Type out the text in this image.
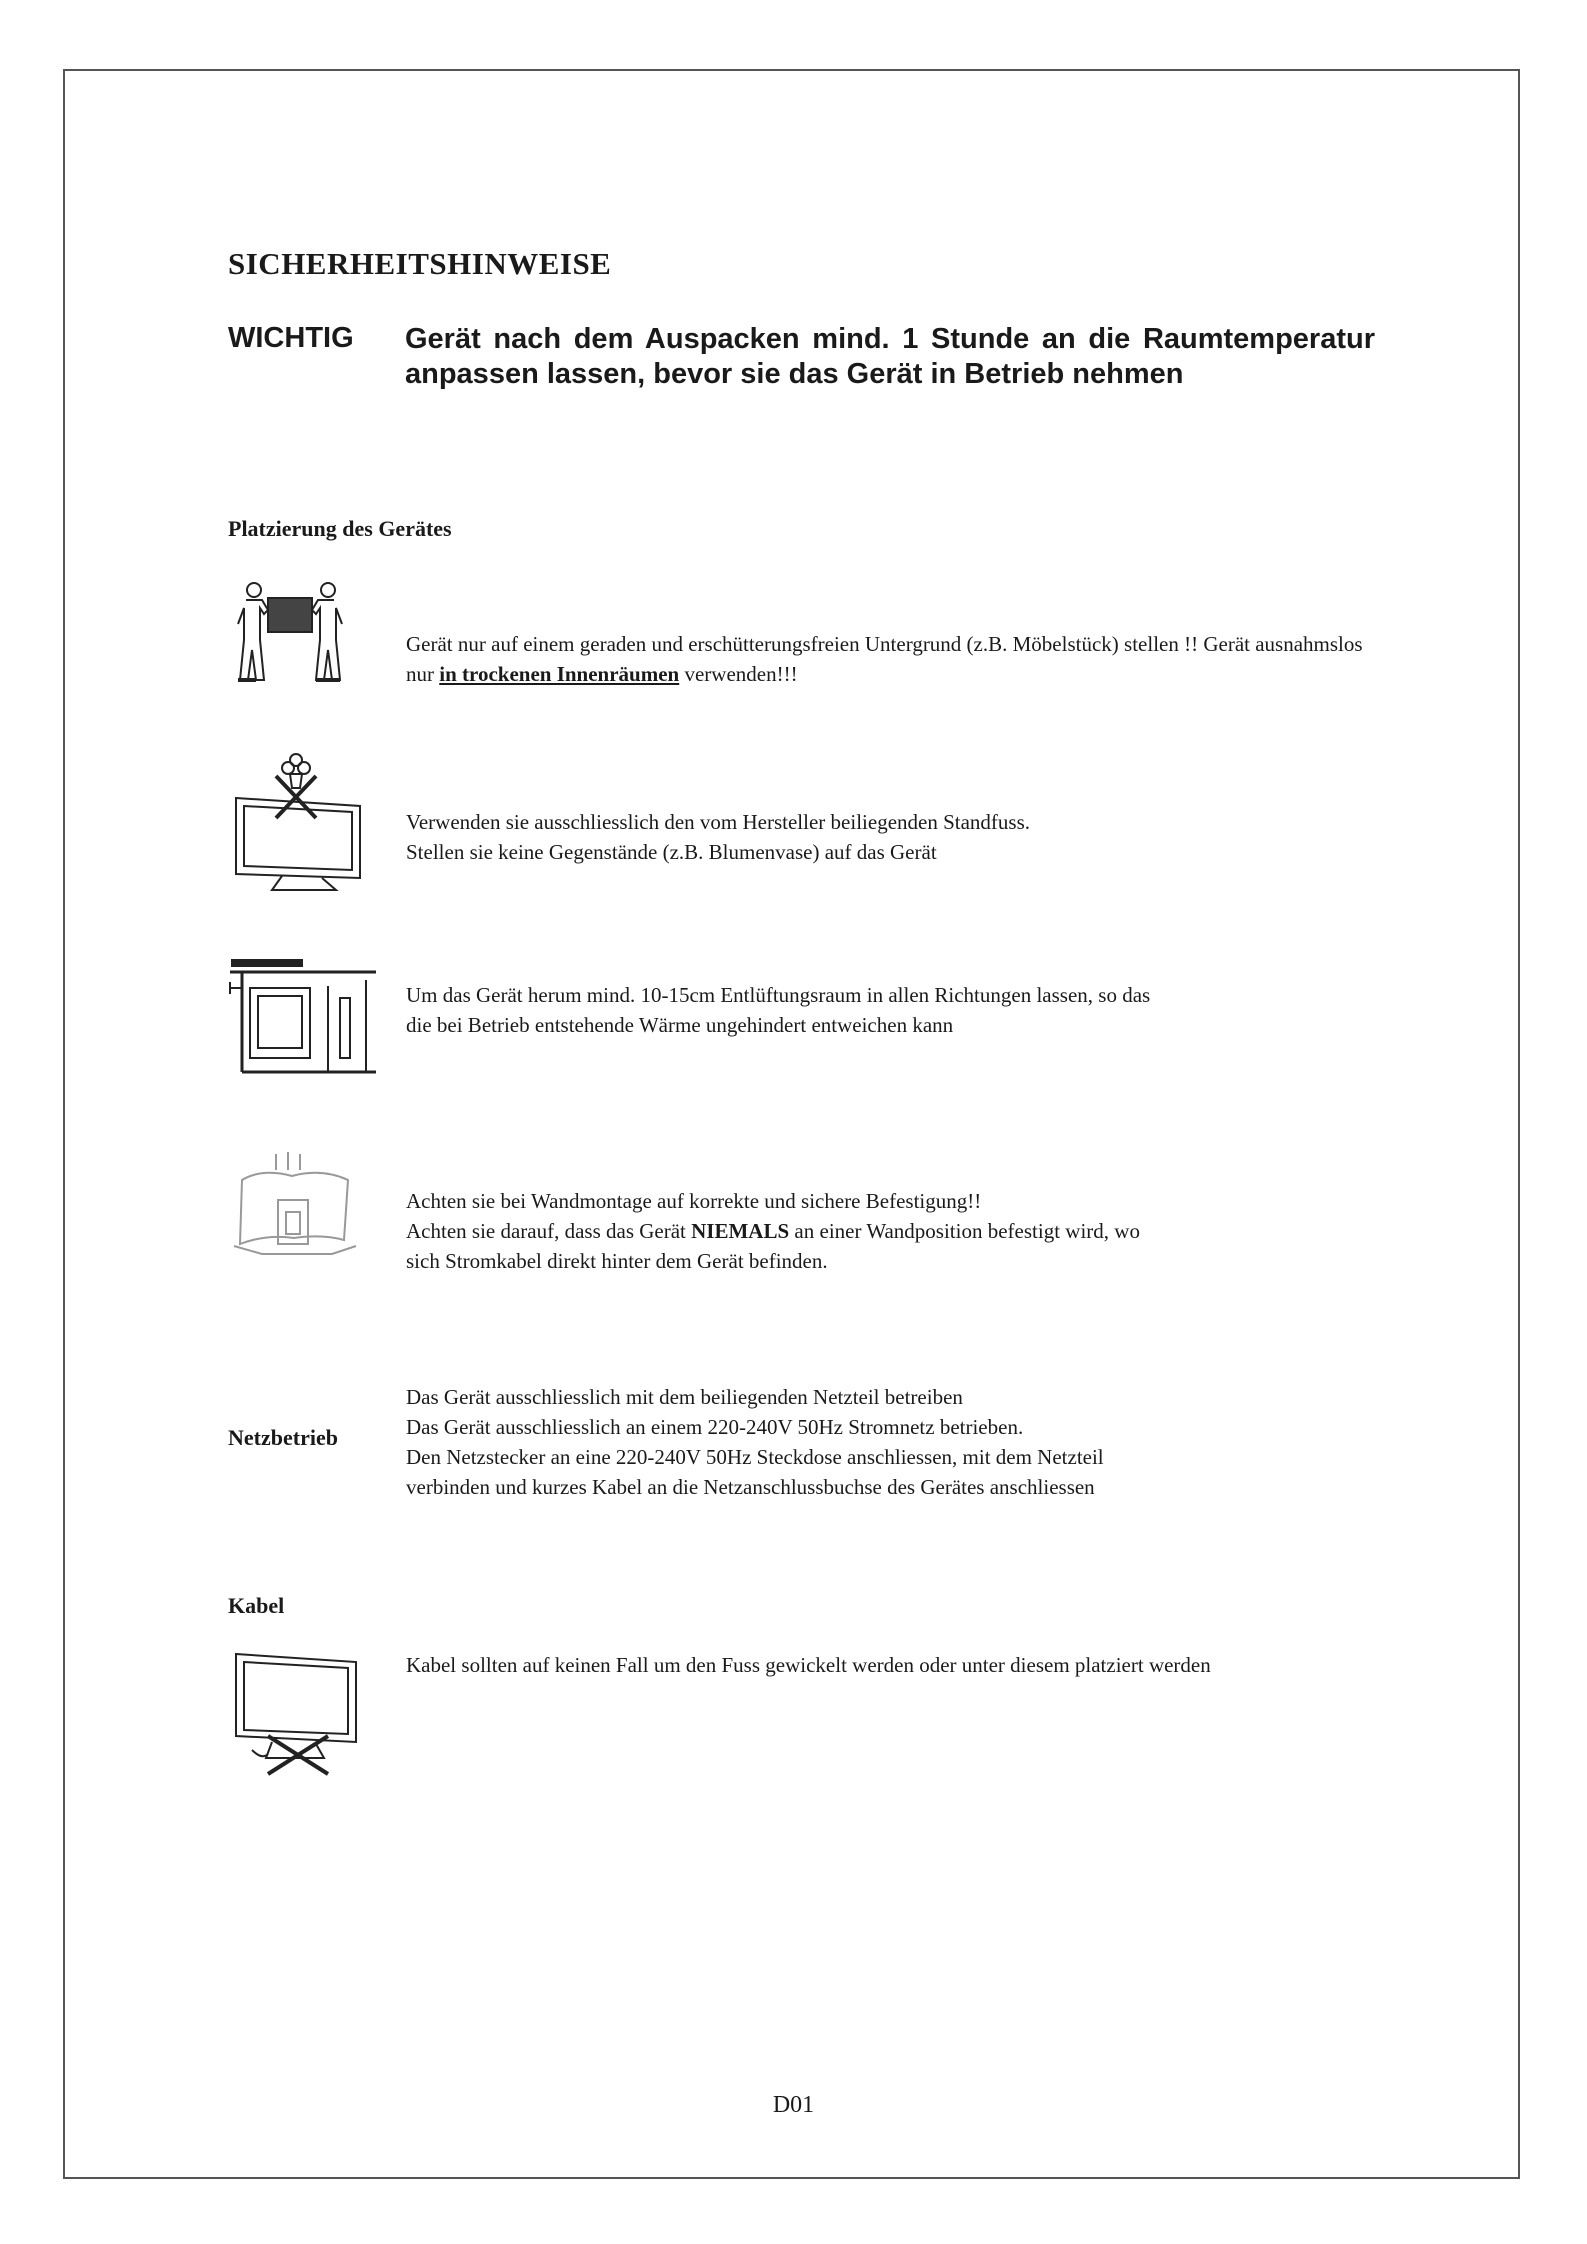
SICHERHEITSHINWEISE
WICHTIG Gerät nach dem Auspacken mind. 1 Stunde an die Raumtemperatur anpassen lassen, bevor sie das Gerät in Betrieb nehmen
Platzierung des Gerätes

Gerät nur auf einem geraden und erschütterungsfreien Untergrund (z.B. Möbelstück) stellen !! Gerät ausnahmslos nur in trockenen Innenräumen verwenden!!!

Verwenden sie ausschliesslich den vom Hersteller beiliegenden Standfuss.

Stellen sie keine Gegenstände (z.B. Blumenvase) auf das Gerät

Um das Gerät herum mind. 10-15cm Entlüftungsraum in allen Richtungen lassen, so das

die bei Betrieb entstehende Wärme ungehindert entweichen kann

Achten sie bei Wandmontage auf korrekte und sichere Befestigung!!

Achten sie darauf, dass das Gerät NIEMALS an einer Wandposition befestigt wird, wo

sich Stromkabel direkt hinter dem Gerät befinden.

Netzbetrieb

Das Gerät ausschliesslich mit dem beiliegenden Netzteil betreiben

Das Gerät ausschliesslich an einem 220-240V 50Hz Stromnetz betrieben.

Den Netzstecker an eine 220-240V 50Hz Steckdose anschliessen, mit dem Netzteil

verbinden und kurzes Kabel an die Netzanschlussbuchse des Gerätes anschliessen

Kabel
Kabel sollten auf keinen Fall um den Fuss gewickelt werden oder unter diesem platziert werden
D01
